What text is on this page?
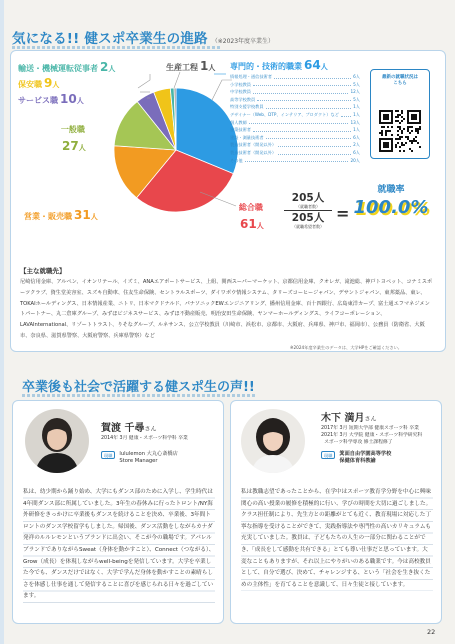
気になる!! 健スポ卒業生の進路 （※2023年度卒業生）
輸送・機械運転従事者 2 人
保安職 9 人
サービス職 10 人
一般職
27人
営業・販売職 31 人
生産工程 1 人 専門的・技術的職業 64 人
総合職
61人
情報処理・通信技術者	6人
小学校教員	5人
中学校教員	12人
高等学校教員	5人
特別支援学校教員	1人
デザイナー（Web、DTP、インテリア、プロダクト）など	1人
個人教師	13人
建築技術者	1人
建設・測量技術者	6人
製造技術者（開発以外）	2人
製造技術者（開発以外）	6人
その他	20人
最新の就職状況は
こちら
205人
（就職者数）
205人
（就職希望者数）
=
就職率
100.0%
【主な就職先】
尼崎信用金庫、アルペン、イオンリテール、イズミ、ANAエアポートサービス、上組、関西スーパーマーケット、京都信用金庫、クオレガ、滝池総、神戸トヨペット、コナミスポーツクラブ、資生堂美容室、スズキ自動車、住友生命保険、セントラルスポーツ、ダイワボウ情報システム、タリーズコーヒージャパン、デサントジャパン、東邦薬品、東レ、TOKAIホールディングス、日本情報産業、ニトリ、日本マクドナルド、パナソニックEWエンジニアリング、播州信用金庫、百十四銀行、広島東洋カープ、富士通エフマネジメントパートナー、丸二倉庫グループ、みずほビジネスサービス、みずほ不動産販売、明治安田生命保険、ヤンマーホールディングス、ライフコーポレーション、LAVAInternational、リゾートトラスト、りそなグループ、ルネサンス、公立学校教員（川崎市、浜松市、京都市、大阪府、兵庫県、神戸市、福岡市）、公務員（防衛省、大阪市、奈良県、滋賀県警察、大阪府警察、兵庫県警察）など
※2024年度卒業生のデータは、大学HPをご確認ください。
卒業後も社会で活躍する健スポ生の声!!
賀渡 千尋さん
2014年 3月 健康・スポーツ科学科 卒業
現職	lululemon 大丸心斎橋店
Store Manager
私は、幼少期から踊り始め、大学にもダンス部のために入学し、学生時代は4年間ダンス部に所属していました。3年生の春休みに行ったトロント/NY海外研修をきっかけに卒業後もダンスを続けることを決め、卒業後、3年間トロントのダンス学校留学もしました。帰国後、ダンス活動をしながらカナダ発祥のルルレモンというブランドに出会い、そこが今の職場です。アパレルブランドでありながらSweat（身体を動かすこと）、Connect（つながる）、Grow（成長）を体現しながらwell-beingを発信しています。大学を卒業した今でも、ダンスだけではなく、大学で学んだ身体を動かすことの素晴らしさを体感し仕事を通して発信することに喜びを感じられる日々を過ごしています。
木下 満月さん
2017年 3月 短期大学部 健康スポーツ科 卒業
2021年 3月 大学院 健康・スポーツ科学研究科
スポーツ科学専攻 修士課程修了
現職	箕面自由学園高等学校
保健体育科教諭
私は教職志望であったことから、在学中はスポーツ教育学分野を中心に興味関心の高い授業の履修を積極的に行い、学びの時間を大切に過ごしました。クラス担任制により、先生方との距離がとても近く、教育現場に対応した丁寧な指導を受けることができて、実践指導法や専門性の高いカリキュラムも充実していました。教員は、子どもたちの人生の一部分に関わることができ、「成長をして感動を共有できる」とても尊い仕事だと思っています。大変なこともありますが、それ以上にやりがいのある職業です。今は高校教員として、自分で選び、決めて、チャレンジする、という「社会を生き抜くための主体性」を育てることを意識して、日々生徒と接しています。
22
